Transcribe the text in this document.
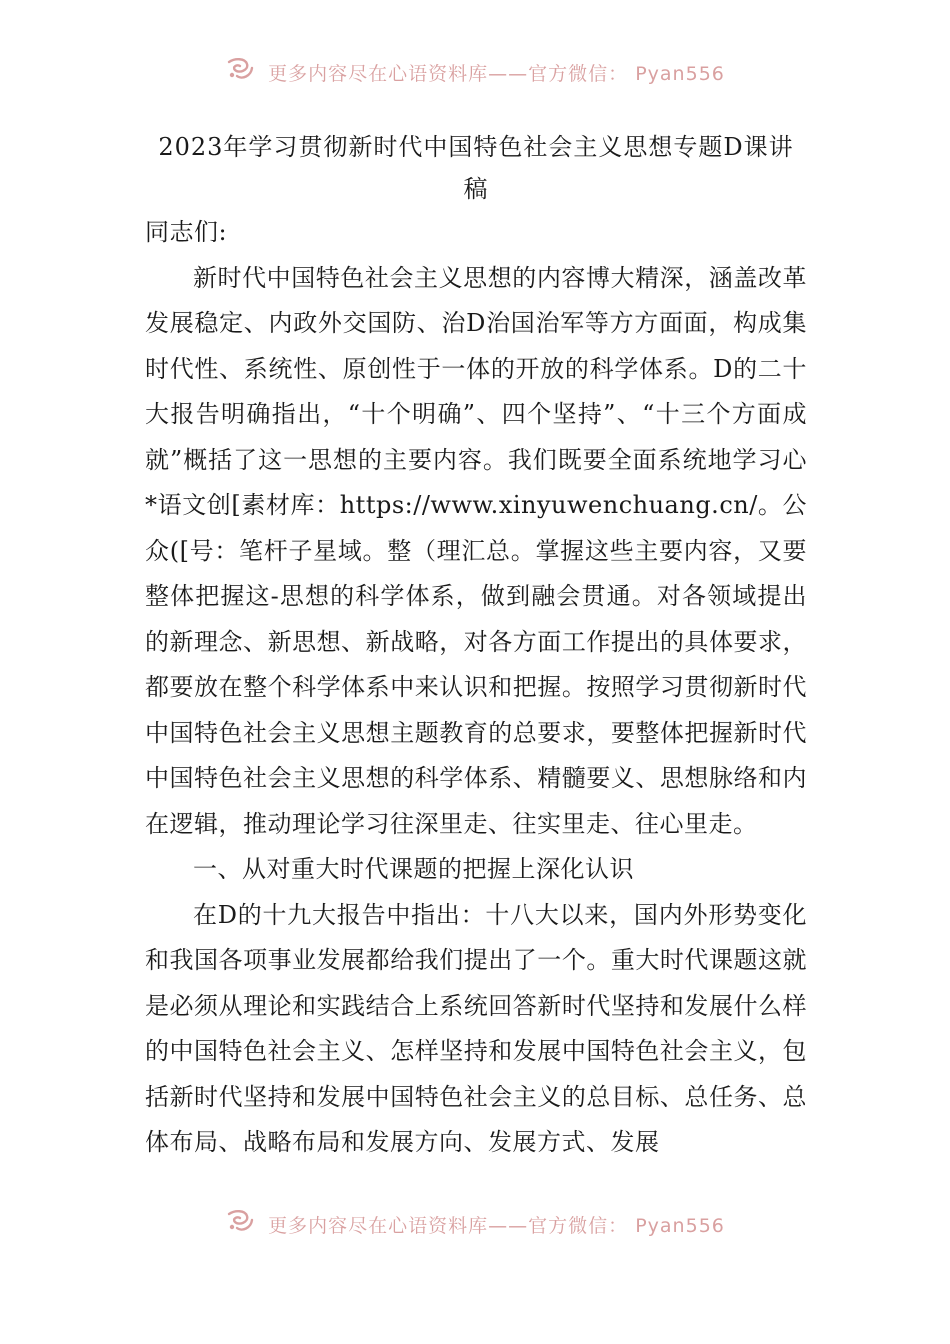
更多内容尽在心语资料库——官方微信： Pyan556
2023年学习贯彻新时代中国特色社会主义思想专题D课讲稿

同志们:

新时代中国特色社会主义思想的内容博大精深，涵盖改革发展稳定、内政外交国防、治D治国治军等方方面面，构成集时代性、系统性、原创性于一体的开放的科学体系。D的二十大报告明确指出，“十个明确”、四个坚持”、“十三个方面成就”概括了这一思想的主要内容。我们既要全面系统地学习心*语文创[素材库：https://www.xinyuwenchuang.cn/。公众([号：笔杆子星域。整（理汇总。掌握这些主要内容，又要整体把握这-思想的科学体系，做到融会贯通。对各领域提出的新理念、新思想、新战略，对各方面工作提出的具体要求，都要放在整个科学体系中来认识和把握。按照学习贯彻新时代中国特色社会主义思想主题教育的总要求，要整体把握新时代中国特色社会主义思想的科学体系、精髓要义、思想脉络和内在逻辑，推动理论学习往深里走、往实里走、往心里走。

一、从对重大时代课题的把握上深化认识

在D的十九大报告中指出：十八大以来，国内外形势变化和我国各项事业发展都给我们提出了一个。重大时代课题这就是必须从理论和实践结合上系统回答新时代坚持和发展什么样的中国特色社会主义、怎样坚持和发展中国特色社会主义，包括新时代坚持和发展中国特色社会主义的总目标、总任务、总体布局、战略布局和发展方向、发展方式、发展

更多内容尽在心语资料库——官方微信： Pyan556
